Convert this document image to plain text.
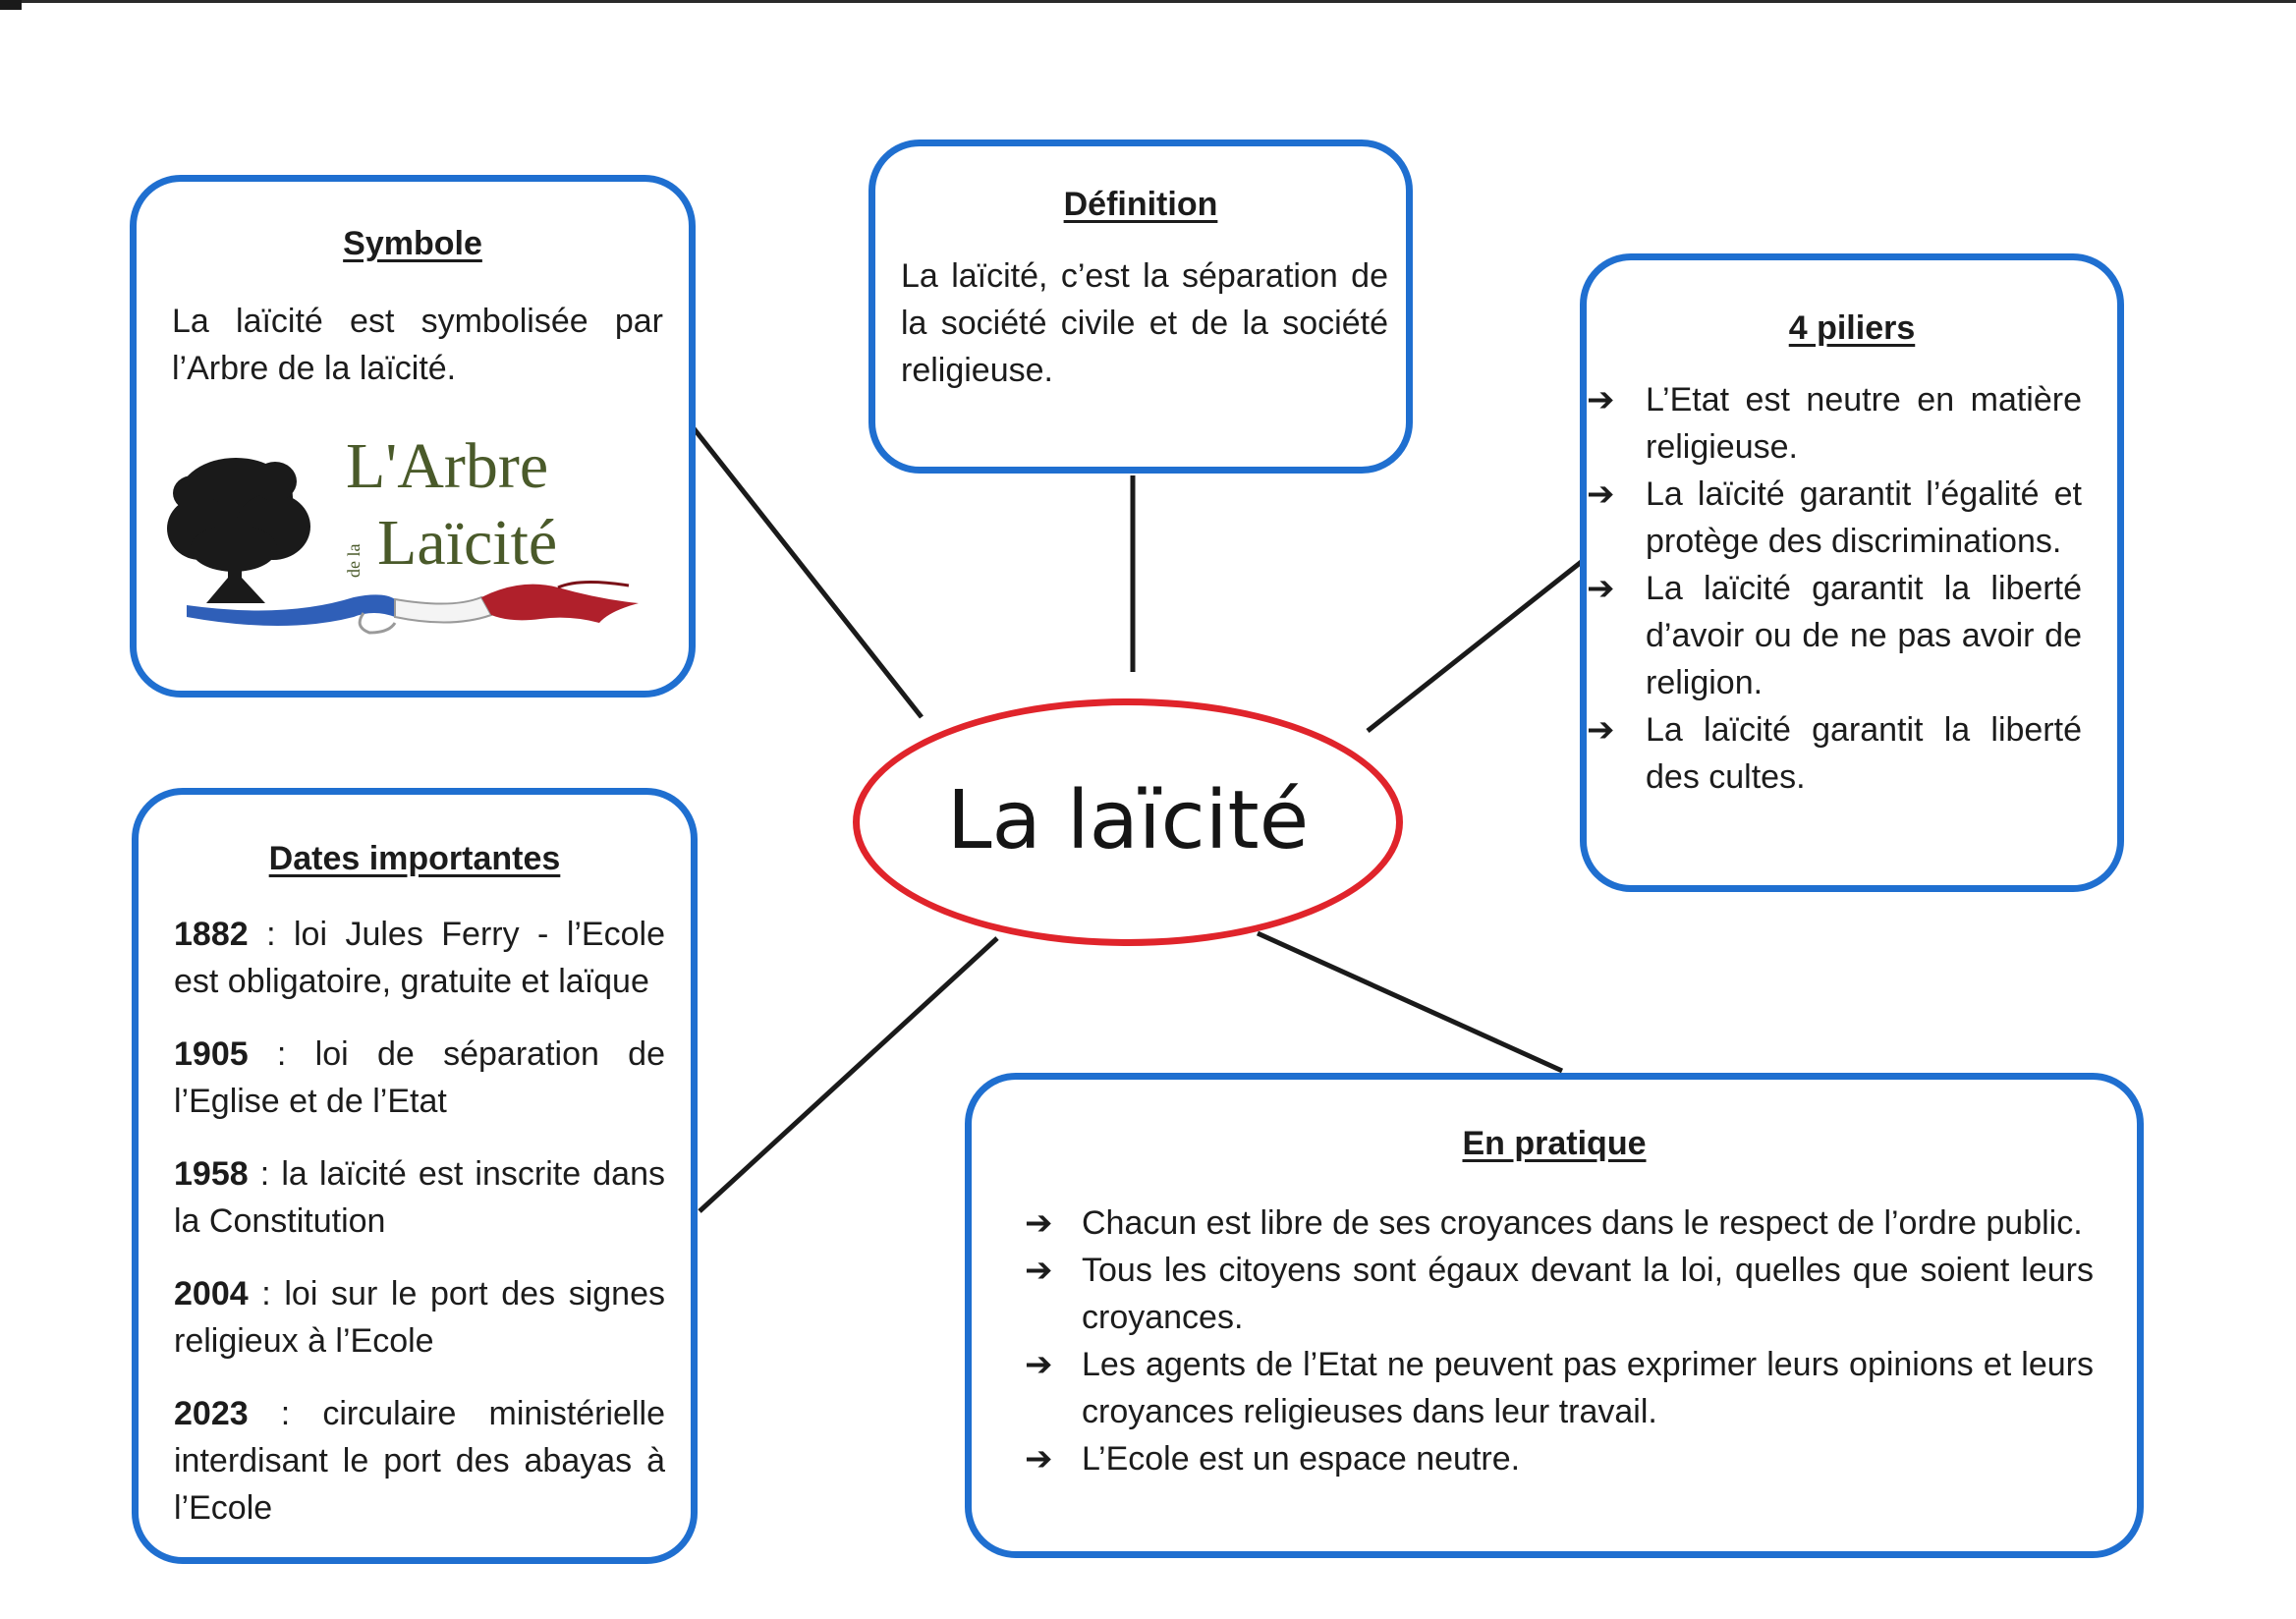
Définition
La laïcité, c’est la séparation de la société civile et de la société religieuse.
Symbole
La laïcité est symbolisée par l’Arbre de la laïcité.
L'Arbre
de la Laïcité
4 piliers
➔ L’Etat est neutre en matière religieuse.
➔ La laïcité garantit l’égalité et protège des discriminations.
➔ La laïcité garantit la liberté d’avoir ou de ne pas avoir de religion.
➔ La laïcité garantit la liberté des cultes.
Dates importantes

1882 : loi Jules Ferry - l’Ecole est obligatoire, gratuite et laïque

1905 : loi de séparation de l’Eglise et de l’Etat

1958 : la laïcité est inscrite dans la Constitution

2004 : loi sur le port des signes religieux à l’Ecole

2023 : circulaire ministérielle interdisant le port des abayas à l’Ecole

En pratique
➔ Chacun est libre de ses croyances dans le respect de l’ordre public.
➔ Tous les citoyens sont égaux devant la loi, quelles que soient leurs croyances.
➔ Les agents de l’Etat ne peuvent pas exprimer leurs opinions et leurs croyances religieuses dans leur travail.
➔ L’Ecole est un espace neutre.
La laïcité
